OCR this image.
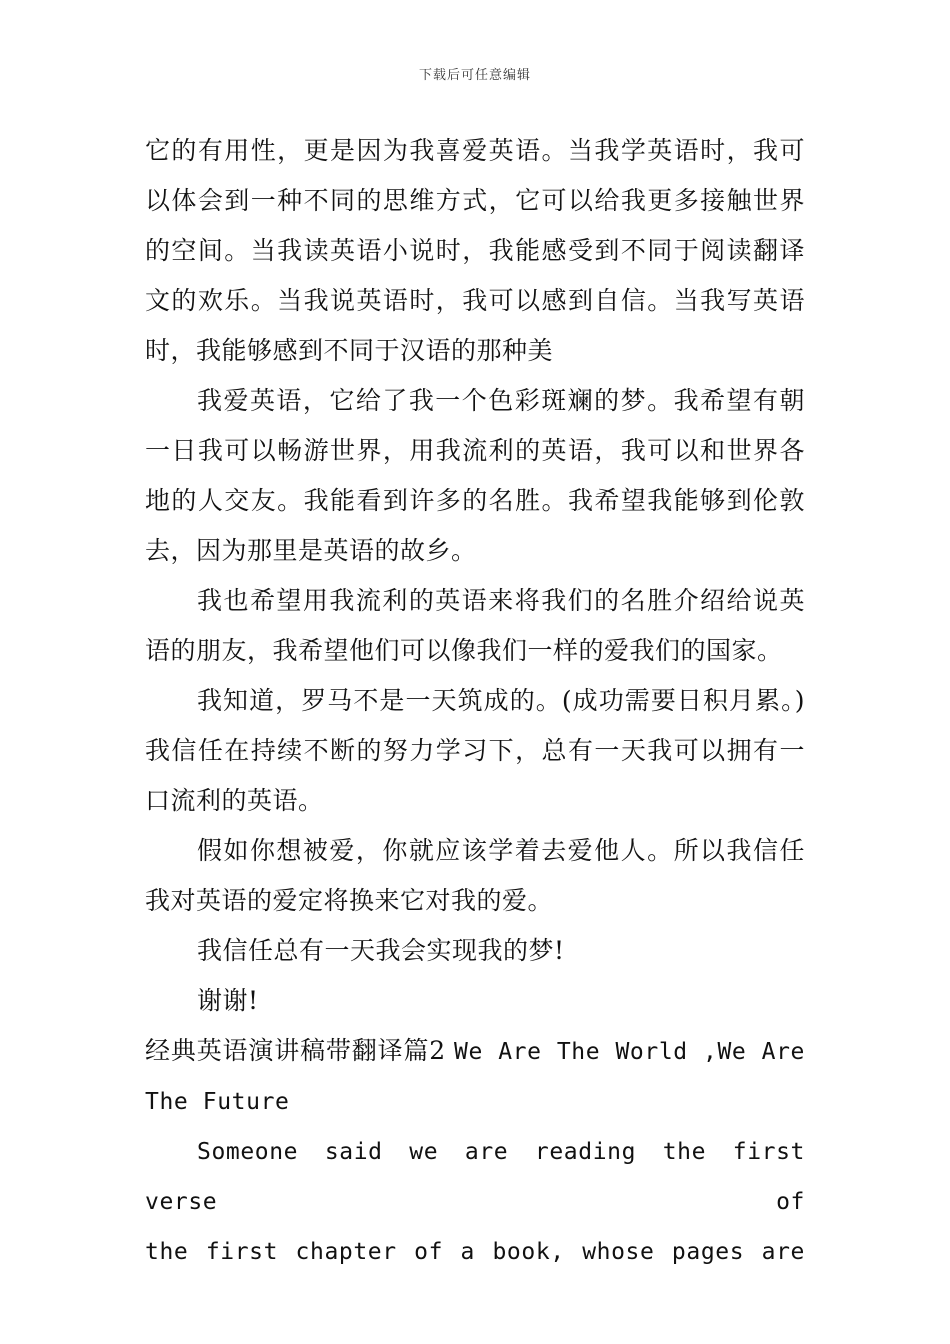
下载后可任意编辑

它的有用性，更是因为我喜爱英语。当我学英语时，我可以体会到一种不同的思维方式，它可以给我更多接触世界的空间。当我读英语小说时，我能感受到不同于阅读翻译文的欢乐。当我说英语时，我可以感到自信。当我写英语时，我能够感到不同于汉语的那种美

我爱英语，它给了我一个色彩斑斓的梦。我希望有朝一日我可以畅游世界，用我流利的英语，我可以和世界各地的人交友。我能看到许多的名胜。我希望我能够到伦敦去，因为那里是英语的故乡。

我也希望用我流利的英语来将我们的名胜介绍给说英语的朋友，我希望他们可以像我们一样的爱我们的国家。

我知道，罗马不是一天筑成的。(成功需要日积月累。)我信任在持续不断的努力学习下，总有一天我可以拥有一口流利的英语。

假如你想被爱，你就应该学着去爱他人。所以我信任我对英语的爱定将换来它对我的爱。

我信任总有一天我会实现我的梦!

谢谢!

经典英语演讲稿带翻译篇2 We Are The World ,We Are
The Future
Someone said we are reading the first verse of
the first chapter of a book, whose pages are
